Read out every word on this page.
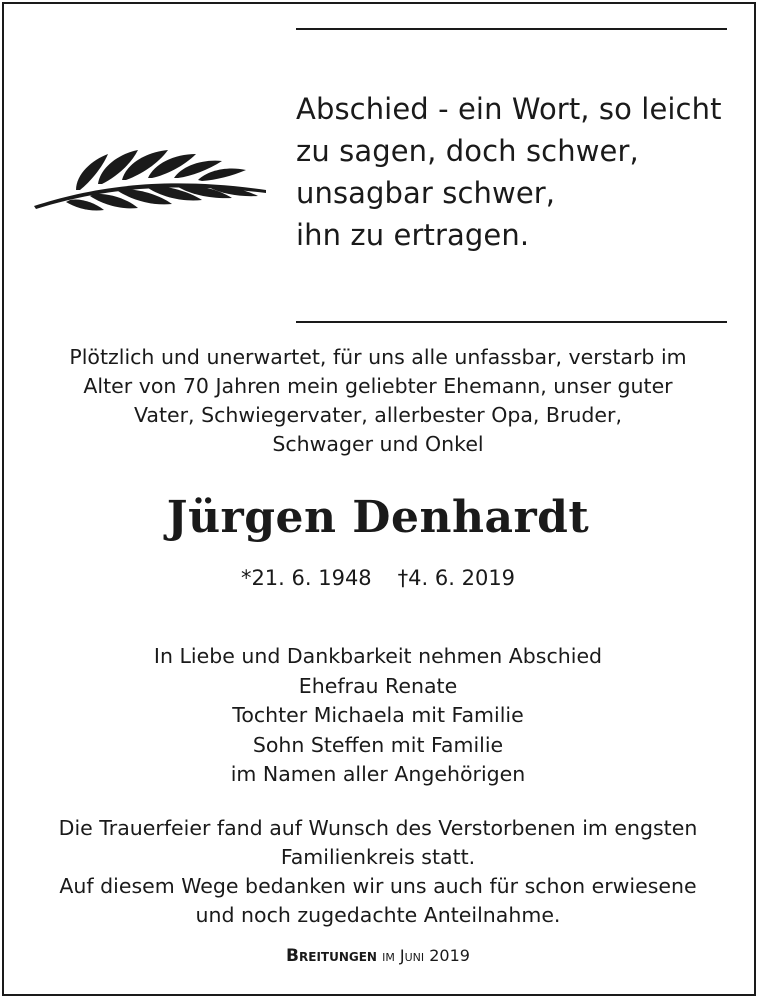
Abschied - ein Wort, so leicht
zu sagen, doch schwer,
unsagbar schwer,
ihn zu ertragen.
Plötzlich und unerwartet, für uns alle unfassbar, verstarb im
Alter von 70 Jahren mein geliebter Ehemann, unser guter
Vater, Schwiegervater, allerbester Opa, Bruder,
Schwager und Onkel
Jürgen Denhardt
*21. 6. 1948 †4. 6. 2019
In Liebe und Dankbarkeit nehmen Abschied
Ehefrau Renate
Tochter Michaela mit Familie
Sohn Steffen mit Familie
im Namen aller Angehörigen
Die Trauerfeier fand auf Wunsch des Verstorbenen im engsten
Familienkreis statt.
Auf diesem Wege bedanken wir uns auch für schon erwiesene
und noch zugedachte Anteilnahme.
Breitungen im Juni 2019
